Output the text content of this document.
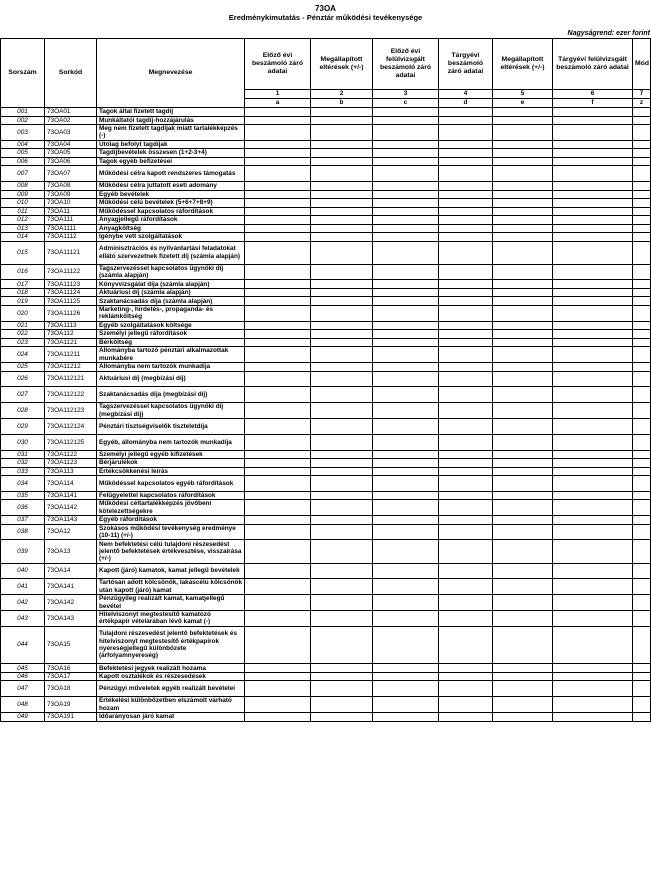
73OA
Eredménykimutatás - Pénztár működési tevékenysége
Nagyságrend: ezer forint
Sorszám	Sorkód	Megnevezése	Előző évi beszámoló záró adatai	Megállapított eltérések (+/-)	Előző évi felülvizsgált beszámoló záró adatai	Tárgyévi beszámoló záró adatai	Megállapított eltérések (+/-)	Tárgyévi felülvizsgált beszámoló záró adatai	Mód
			1	2	3	4	5	6	7
			a	b	c	d	e	f	z
001	73OA01	Tagok által fizetett tagdíj							
002	73OA02	Munkáltatói tagdíj-hozzájárulás							
003	73OA03	Meg nem fizetett tagdíjak miatt tartalékképzés (-)							
004	73OA04	Utólag befolyt tagdíjak							
005	73OA05	Tagdíjbevételek összesen (1+2-3+4)							
006	73OA06	Tagok egyéb befizetései							
007	73OA07	Működési célra kapott rendszeres támogatás							
008	73OA08	Működési célra juttatott eseti adomány							
009	73OA09	Egyéb bevételek							
010	73OA10	Működési célú bevételek (5+6+7+8+9)							
011	73OA11	Működéssel kapcsolatos ráfordítások							
012	73OA111	Anyagjellegű ráfordítások							
013	73OA1111	Anyagköltség							
014	73OA1112	Igénybe vett szolgáltatások							
015	73OA11121	Adminisztrációs és nyilvántartási feladatokat ellátó szervezetnek fizetett díj (számla alapján)							
016	73OA11122	Tagszervezéssel kapcsolatos ügynöki díj (számla alapján)							
017	73OA11123	Könyvvizsgálat díja (számla alapján)							
018	73OA11124	Aktuáriusi díj (számla alapján)							
019	73OA11125	Szaktanácsadás díja (számla alapján)							
020	73OA11126	Marketing-, hirdetés-, propaganda- és reklámköltség							
021	73OA1113	Egyéb szolgáltatások költsége							
022	73OA112	Személyi jellegű ráfordítások							
023	73OA1121	Bérköltség							
024	73OA11211	Állományba tartozó pénztári alkalmazottak munkabére							
025	73OA11212	Állományba nem tartozók munkadíja							
026	73OA112121	Aktuáriusi díj (megbízási díj)							
027	73OA112122	Szaktanácsadás díja (megbízási díj)							
028	73OA112123	Tagszervezéssel kapcsolatos ügynöki díj (megbízási díj)							
029	73OA112124	Pénztári tisztségviselők tiszteletdíja							
030	73OA112125	Egyéb, állományba nem tartozók munkadíja							
031	73OA1122	Személyi jellegű egyéb kifizetések							
032	73OA1123	Bérjárulékok							
033	73OA113	Értékcsökkenési leírás							
034	73OA114	Működéssel kapcsolatos egyéb ráfordítások							
035	73OA1141	Felügyelettel kapcsolatos ráfordítások							
036	73OA1142	Működési céltartalékképzés jövőbeni kötelezettségekre							
037	73OA1143	Egyéb ráfordítások							
038	73OA12	Szokásos működési tevékenység eredménye (10-11) (+/-)							
039	73OA13	Nem befektetési célú tulajdoni részesedést jelentő befektetések értékvesztése, visszaírása (+/-)							
040	73OA14	Kapott (járó) kamatok, kamat jellegű bevételek							
041	73OA141	Tartósan adott kölcsönök, lakáscélú kölcsönök után kapott (járó) kamat							
042	73OA142	Pénzügyileg realizált kamat, kamatjellegű bevétel							
043	73OA143	Hitelviszonyt megtestesítő kamatozó értékpapír vételárában lévő kamat (-)							
044	73OA15	Tulajdoni részesedést jelentő befektetések és hitelviszonyt megtestesítő értékpapírok nyereségjellegű különbözete (árfolyamnyereség)							
045	73OA16	Befektetési jegyek realizált hozama							
046	73OA17	Kapott osztalékok és részesedések							
047	73OA18	Pénzügyi műveletek egyéb realizált bevételei							
048	73OA19	Értékelési különbözetben elszámolt várható hozam							
049	73OA191	Időarányosan járó kamat							
